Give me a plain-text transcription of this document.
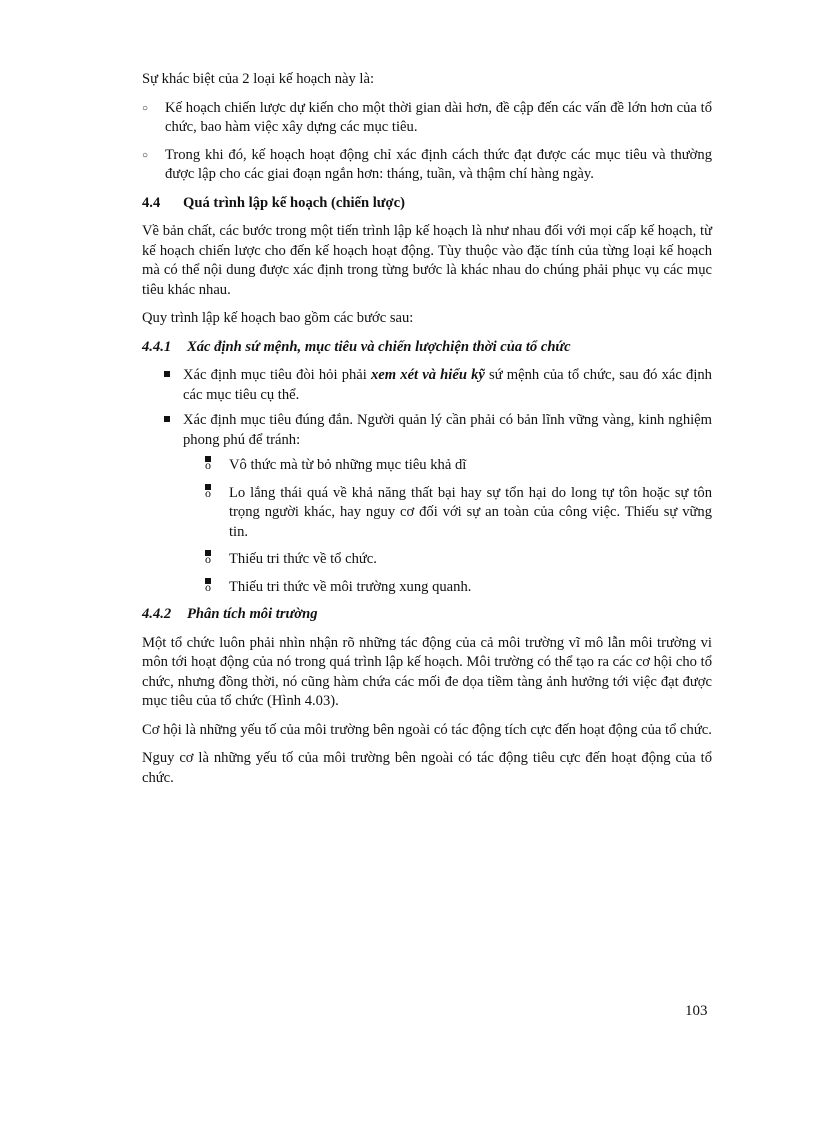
Sự khác biệt của 2 loại kế hoạch này là:

○ Kế hoạch chiến lược dự kiến cho một thời gian dài hơn, đề cập đến các vấn đề lớn hơn của tổ chức, bao hàm việc xây dựng các mục tiêu.
○ Trong khi đó, kế hoạch hoạt động chỉ xác định cách thức đạt được các mục tiêu và thường được lập cho các giai đoạn ngắn hơn: tháng, tuần, và thậm chí hàng ngày.
4.4 Quá trình lập kế hoạch (chiến lược)

Về bản chất, các bước trong một tiến trình lập kế hoạch là như nhau đối với mọi cấp kế hoạch, từ kế hoạch chiến lược cho đến kế hoạch hoạt động. Tùy thuộc vào đặc tính của từng loại kế hoạch mà có thể nội dung được xác định trong từng bước là khác nhau do chúng phải phục vụ các mục tiêu khác nhau.

Quy trình lập kế hoạch bao gồm các bước sau:

4.4.1 Xác định sứ mệnh, mục tiêu và chiến lượchiện thời của tổ chức
Xác định mục tiêu đòi hỏi phải xem xét và hiểu kỹ sứ mệnh của tổ chức, sau đó xác định các mục tiêu cụ thể.
Xác định mục tiêu đúng đắn. Người quản lý cần phải có bản lĩnh vững vàng, kinh nghiệm phong phú để tránh:
o Vô thức mà từ bỏ những mục tiêu khả dĩ
o Lo lắng thái quá về khả năng thất bại hay sự tổn hại do long tự tôn hoặc sự tôn trọng người khác, hay nguy cơ đối với sự an toàn của công việc. Thiếu sự vững tin.
o Thiếu tri thức về tổ chức.
o Thiếu tri thức về môi trường xung quanh.
4.4.2 Phân tích môi trường

Một tổ chức luôn phải nhìn nhận rõ những tác động của cả môi trường vĩ mô lẫn môi trường vi môn tới hoạt động của nó trong quá trình lập kế hoạch. Môi trường có thể tạo ra các cơ hội cho tổ chức, nhưng đồng thời, nó cũng hàm chứa các mối đe dọa tiềm tàng ảnh hưởng tới việc đạt được mục tiêu của tổ chức (Hình 4.03).

Cơ hội là những yếu tố của môi trường bên ngoài có tác động tích cực đến hoạt động của tổ chức.

Nguy cơ là những yếu tố của môi trường bên ngoài có tác động tiêu cực đến hoạt động của tổ chức.

103
